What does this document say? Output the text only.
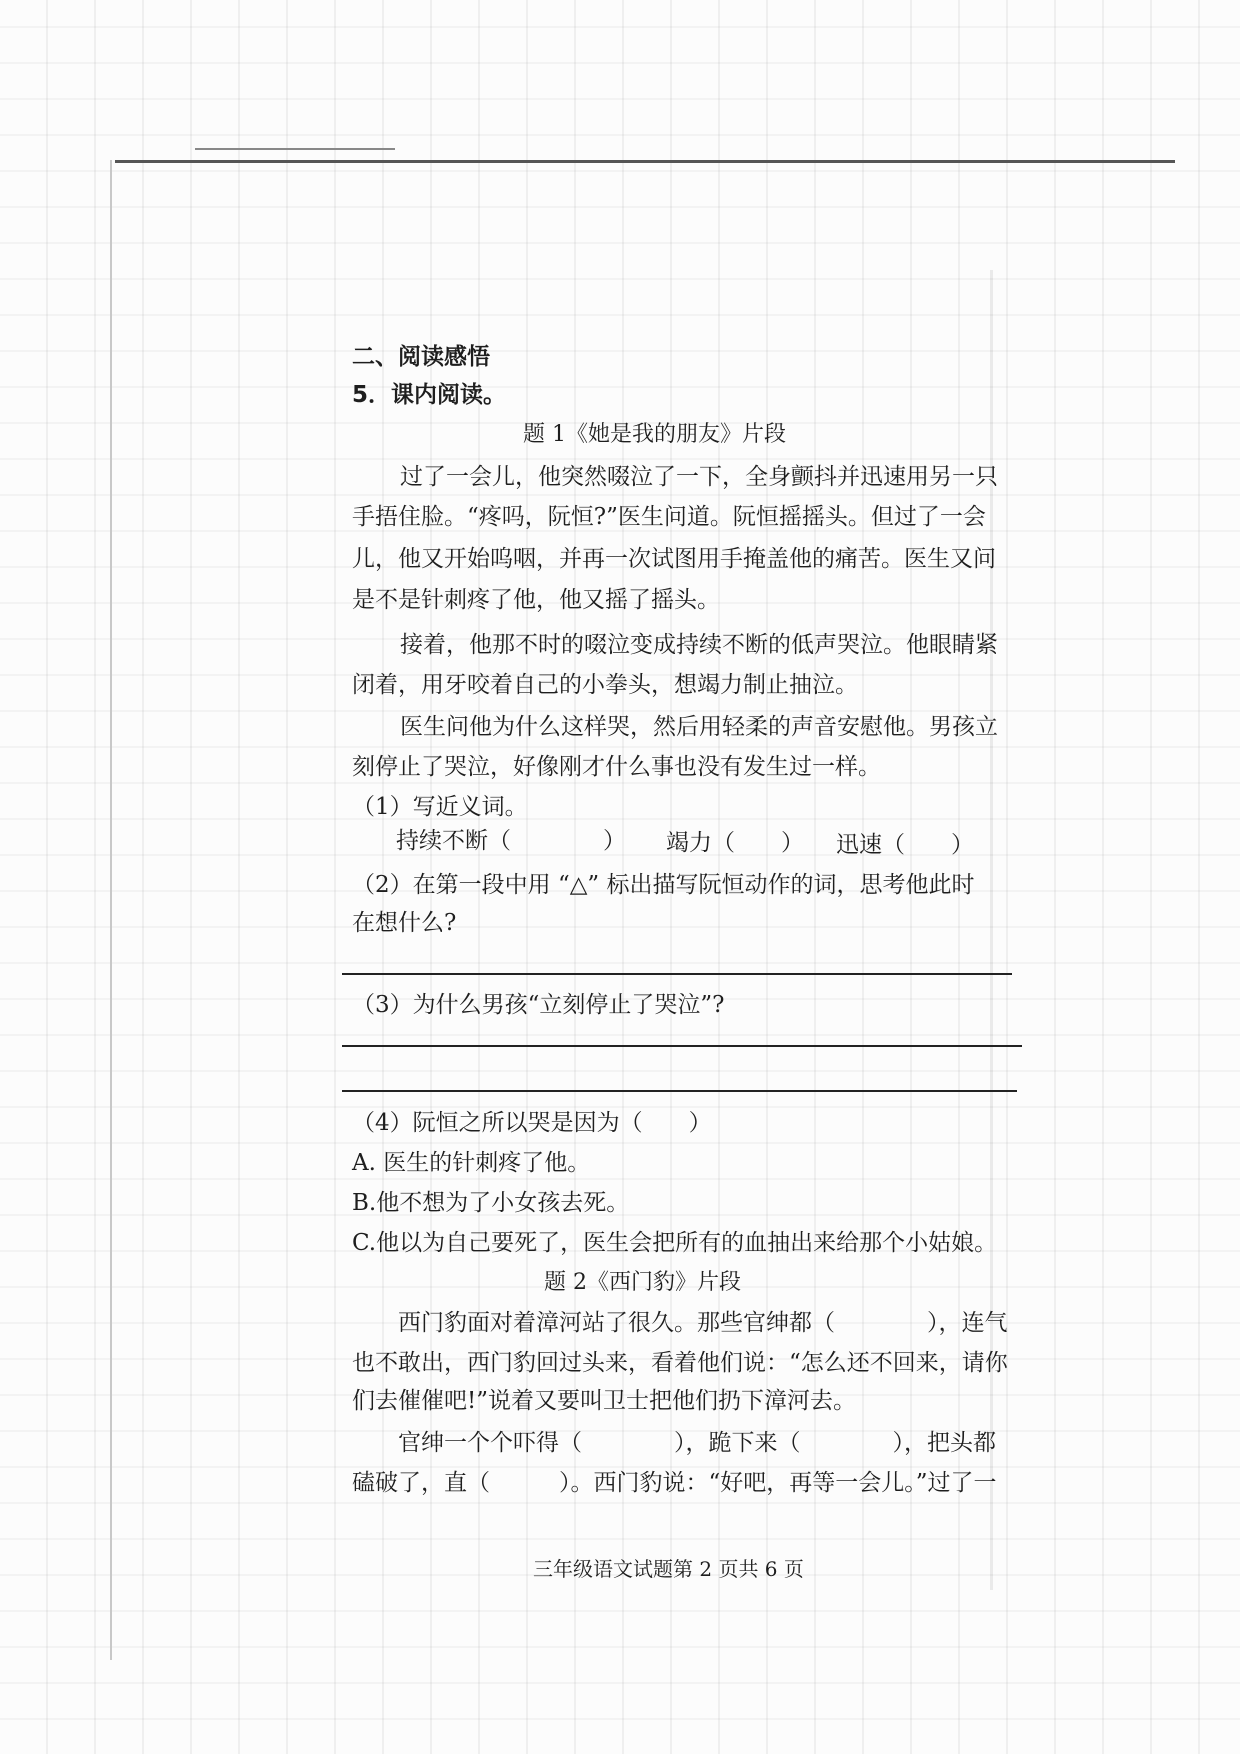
二、阅读感悟
5．课内阅读。
题 1《她是我的朋友》片段
过了一会儿，他突然啜泣了一下，全身颤抖并迅速用另一只
手捂住脸。“疼吗，阮恒?”医生问道。阮恒摇摇头。但过了一会
儿，他又开始呜咽，并再一次试图用手掩盖他的痛苦。医生又问
是不是针刺疼了他，他又摇了摇头。
接着，他那不时的啜泣变成持续不断的低声哭泣。他眼睛紧
闭着，用牙咬着自己的小拳头，想竭力制止抽泣。
医生问他为什么这样哭，然后用轻柔的声音安慰他。男孩立
刻停止了哭泣，好像刚才什么事也没有发生过一样。
（1）写近义词。
持续不断（　　　　） 竭力（　　） 迅速（　　）
（2）在第一段中用 “△” 标出描写阮恒动作的词，思考他此时
在想什么?
（3）为什么男孩“立刻停止了哭泣”?
（4）阮恒之所以哭是因为（　　）
A. 医生的针刺疼了他。
B.他不想为了小女孩去死。
C.他以为自己要死了，医生会把所有的血抽出来给那个小姑娘。
题 2《西门豹》片段
西门豹面对着漳河站了很久。那些官绅都（　　　　），连气
也不敢出，西门豹回过头来，看着他们说：“怎么还不回来，请你
们去催催吧!”说着又要叫卫士把他们扔下漳河去。
官绅一个个吓得（　　　　），跪下来（　　　　），把头都
磕破了，直（　　　）。西门豹说：“好吧，再等一会儿。”过了一
三年级语文试题第 2 页共 6 页
